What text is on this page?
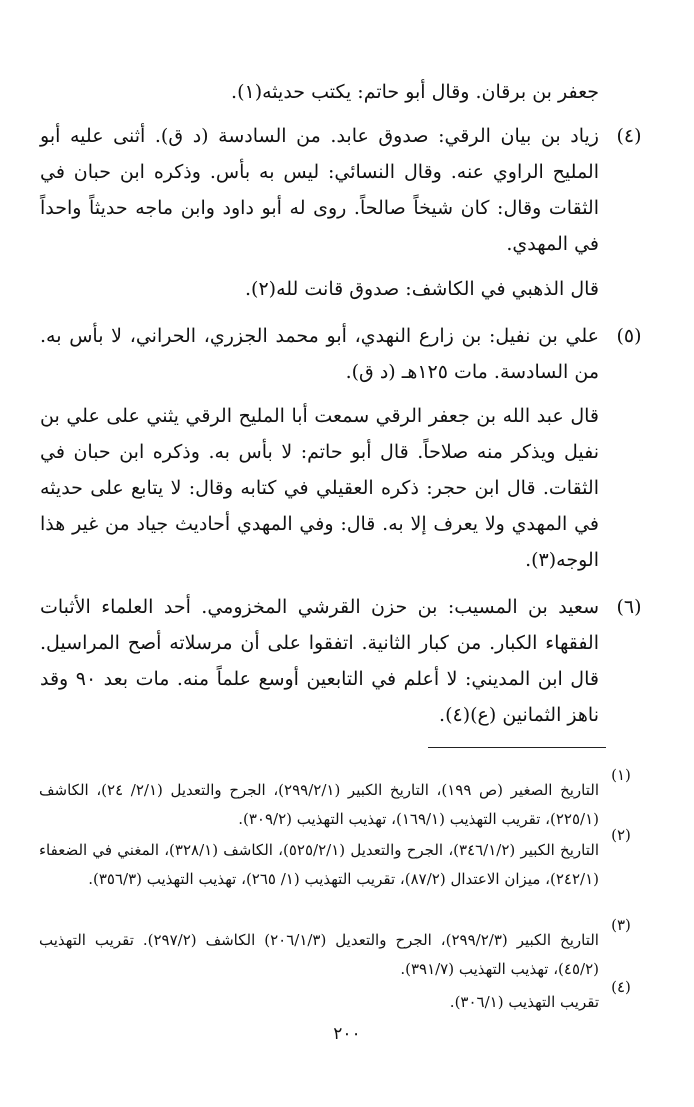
جعفر بن برقان. وقال أبو حاتم: يكتب حديثه(١).

(٤)

زياد بن بيان الرقي: صدوق عابد. من السادسة (د ق). أثنى عليه أبو المليح الراوي عنه. وقال النسائي: ليس به بأس. وذكره ابن حبان في الثقات وقال: كان شيخاً صالحاً. روى له أبو داود وابن ماجه حديثاً واحداً في المهدي.

قال الذهبي في الكاشف: صدوق قانت لله(٢).

(٥)

علي بن نفيل: بن زارع النهدي، أبو محمد الجزري، الحراني، لا بأس به. من السادسة. مات ١٢٥هـ (د ق).

قال عبد الله بن جعفر الرقي سمعت أبا المليح الرقي يثني على علي بن نفيل ويذكر منه صلاحاً. قال أبو حاتم: لا بأس به. وذكره ابن حبان في الثقات. قال ابن حجر: ذكره العقيلي في كتابه وقال: لا يتابع على حديثه في المهدي ولا يعرف إلا به. قال: وفي المهدي أحاديث جياد من غير هذا الوجه(٣).

(٦)

سعيد بن المسيب: بن حزن القرشي المخزومي. أحد العلماء الأثبات الفقهاء الكبار. من كبار الثانية. اتفقوا على أن مرسلاته أصح المراسيل. قال ابن المديني: لا أعلم في التابعين أوسع علماً منه. مات بعد ٩٠ وقد ناهز الثمانين (ع)(٤).

(١)

التاريخ الصغير (ص ١٩٩)، التاريخ الكبير (٢٩٩/٢/١)، الجرح والتعديل (٢/١/ ٢٤)، الكاشف (٢٢٥/١)، تقريب التهذيب (١٦٩/١)، تهذيب التهذيب (٣٠٩/٢).

(٢)

التاريخ الكبير (٣٤٦/١/٢)، الجرح والتعديل (٥٢٥/٢/١)، الكاشف (٣٢٨/١)، المغني في الضعفاء (٢٤٢/١)، ميزان الاعتدال (٨٧/٢)، تقريب التهذيب (١/ ٢٦٥)، تهذيب التهذيب (٣٥٦/٣).

(٣)

التاريخ الكبير (٢٩٩/٢/٣)، الجرح والتعديل (٢٠٦/١/٣) الكاشف (٢٩٧/٢). تقريب التهذيب (٤٥/٢)، تهذيب التهذيب (٣٩١/٧).

(٤)

تقريب التهذيب (٣٠٦/١).

٢٠٠
